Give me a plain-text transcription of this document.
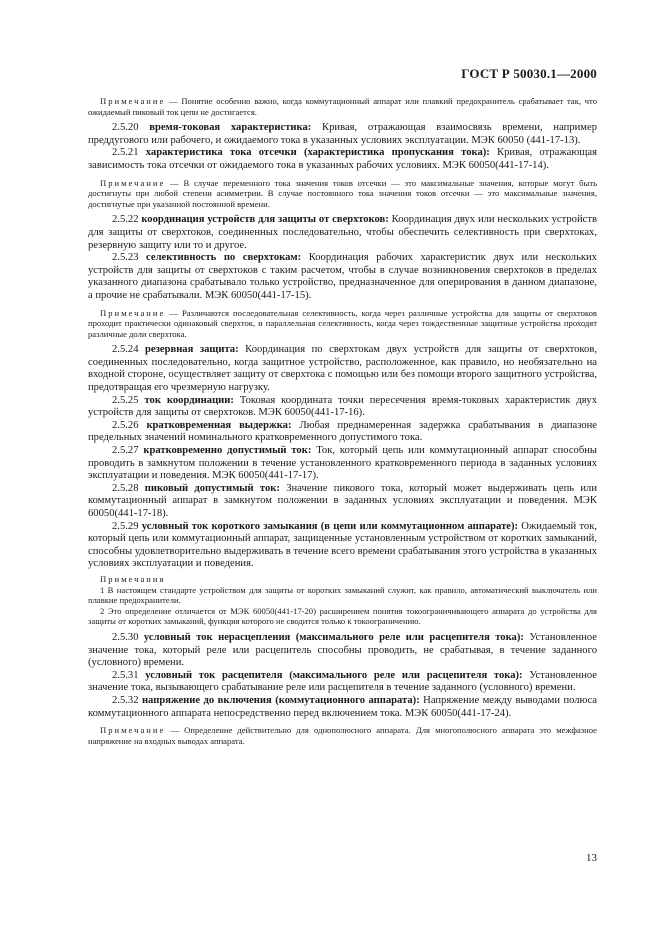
ГОСТ Р 50030.1—2000

Примечание — Понятие особенно важно, когда коммутационный аппарат или плавкий предохранитель срабатывает так, что ожидаемый пиковый ток цепи не достигается.

2.5.20 время-токовая характеристика: Кривая, отражающая взаимосвязь времени, например преддугового или рабочего, и ожидаемого тока в указанных условиях эксплуатации. МЭК 60050 (441-17-13).

2.5.21 характеристика тока отсечки (характеристика пропускания тока): Кривая, отражающая зависимость тока отсечки от ожидаемого тока в указанных рабочих условиях. МЭК 60050(441-17-14).

Примечание — В случае переменного тока значения токов отсечки — это максимальные значения, которые могут быть достигнуты при любой степени асимметрии. В случае постоянного тока значения токов отсечки — это максимальные значения, достигнутые при указанной постоянной времени.

2.5.22 координация устройств для защиты от сверхтоков: Координация двух или нескольких устройств для защиты от сверхтоков, соединенных последовательно, чтобы обеспечить селективность при сверхтоках, резервную защиту или то и другое.

2.5.23 селективность по сверхтокам: Координация рабочих характеристик двух или нескольких устройств для защиты от сверхтоков с таким расчетом, чтобы в случае возникновения сверхтоков в пределах указанного диапазона срабатывало только устройство, предназначенное для оперирования в данном диапазоне, а прочие не срабатывали. МЭК 60050(441-17-15).

Примечание — Различаются последовательная селективность, когда через различные устройства для защиты от сверхтоков проходит практически одинаковый сверхток, и параллельная селективность, когда через тождественные защитные устройства проходят различные доли сверхтока.

2.5.24 резервная защита: Координация по сверхтокам двух устройств для защиты от сверхтоков, соединенных последовательно, когда защитное устройство, расположенное, как правило, но необязательно на входной стороне, осуществляет защиту от сверхтока с помощью или без помощи второго защитного устройства, предотвращая его чрезмерную нагрузку.

2.5.25 ток координации: Токовая координата точки пересечения время-токовых характеристик двух устройств для защиты от сверхтоков. МЭК 60050(441-17-16).

2.5.26 кратковременная выдержка: Любая преднамеренная задержка срабатывания в диапазоне предельных значений номинального кратковременного допустимого тока.

2.5.27 кратковременно допустимый ток: Ток, который цепь или коммутационный аппарат способны проводить в замкнутом положении в течение установленного кратковременного периода в заданных условиях эксплуатации и поведения. МЭК 60050(441-17-17).

2.5.28 пиковый допустимый ток: Значение пикового тока, который может выдерживать цепь или коммутационный аппарат в замкнутом положении в заданных условиях эксплуатации и поведения. МЭК 60050(441-17-18).

2.5.29 условный ток короткого замыкания (в цепи или коммутационном аппарате): Ожидаемый ток, который цепь или коммутационный аппарат, защищенные установленным устройством от коротких замыканий, способны удовлетворительно выдерживать в течение всего времени срабатывания этого устройства в указанных условиях эксплуатации и поведения.

Примечания

1 В настоящем стандарте устройством для защиты от коротких замыканий служит, как правило, автоматический выключатель или плавкие предохранители.

2 Это определение отличается от МЭК 60050(441-17-20) расширением понятия токоограничивающего аппарата до устройства для защиты от коротких замыканий, функция которого не сводится только к токоограничению.

2.5.30 условный ток нерасцепления (максимального реле или расцепителя тока): Установленное значение тока, который реле или расцепитель способны проводить, не срабатывая, в течение заданного (условного) времени.

2.5.31 условный ток расцепителя (максимального реле или расцепителя тока): Установленное значение тока, вызывающего срабатывание реле или расцепителя в течение заданного (условного) времени.

2.5.32 напряжение до включения (коммутационного аппарата): Напряжение между выводами полюса коммутационного аппарата непосредственно перед включением тока. МЭК 60050(441-17-24).

Примечание — Определение действительно для однополюсного аппарата. Для многополюсного аппарата это межфазное напряжение на входных выводах аппарата.

13
